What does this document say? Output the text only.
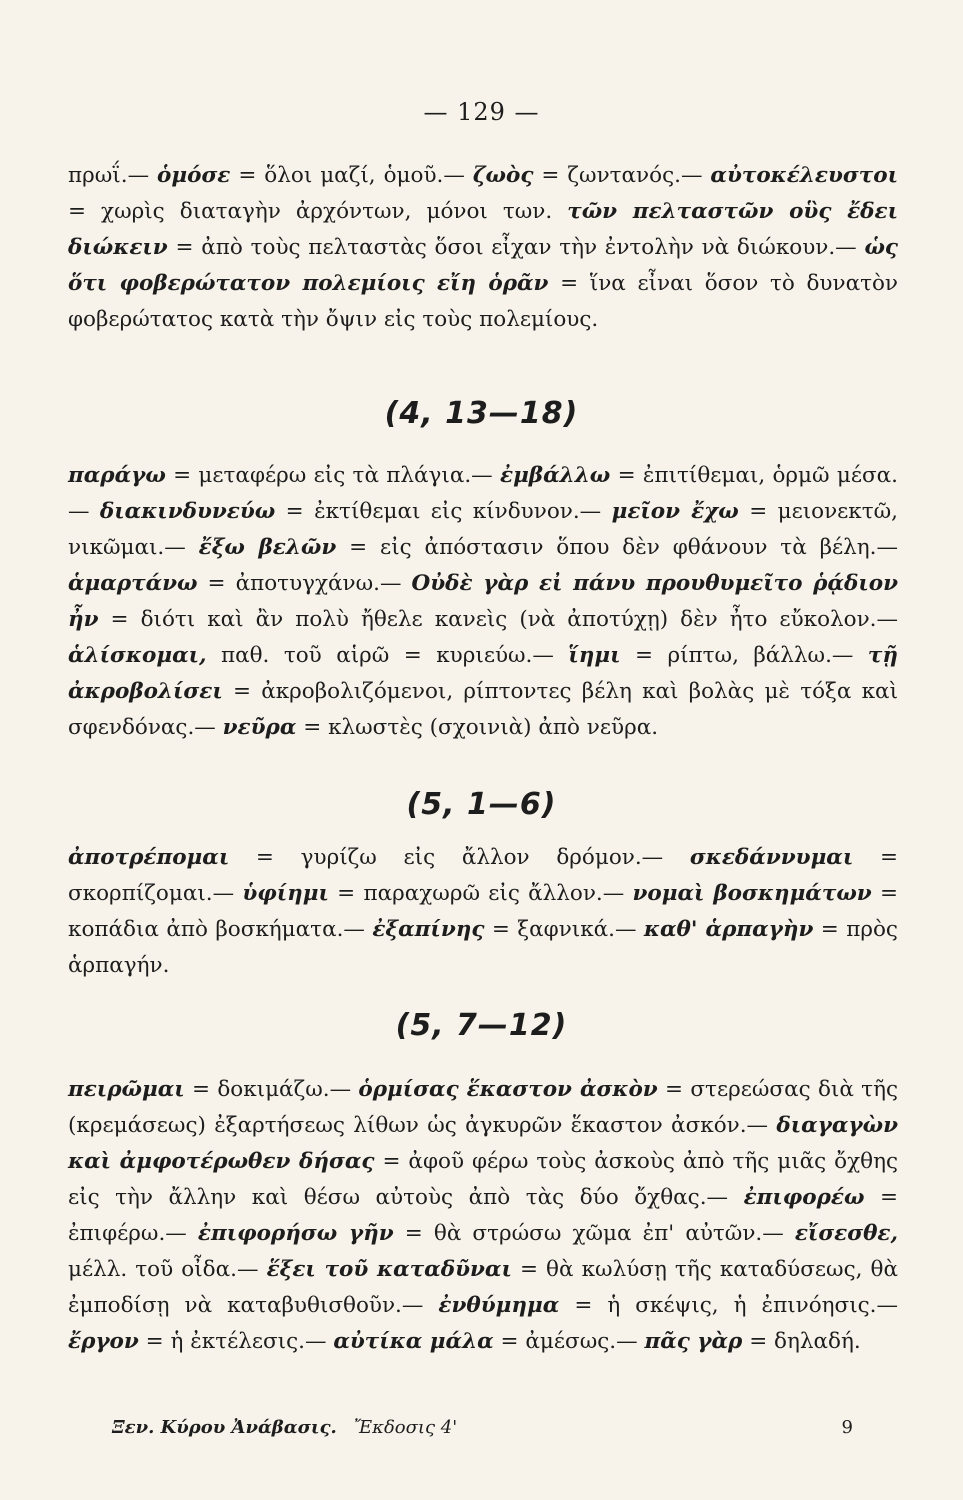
— 129 —
πρωΐ.— ὁμόσε = ὅλοι μαζί, ὁμοῦ.— ζωὸς = ζωντανός.— αὐτοκέλευστοι = χωρὶς διαταγὴν ἀρχόντων, μόνοι των. τῶν πελταστῶν οὓς ἔδει διώκειν = ἀπὸ τοὺς πελταστὰς ὅσοι εἶχαν τὴν ἐντολὴν νὰ διώκουν.— ὡς ὅτι φοβερώτατον πολεμίοις εἴη ὁρᾶν = ἵνα εἶναι ὅσον τὸ δυνατὸν φοβερώτατος κατὰ τὴν ὄψιν εἰς τοὺς πολεμίους.
(4, 13—18)
παράγω = μεταφέρω εἰς τὰ πλάγια.— ἐμβάλλω = ἐπιτίθεμαι, ὁρμῶ μέσα.— διακινδυνεύω = ἐκτίθεμαι εἰς κίνδυνον.— μεῖον ἔχω = μειονεκτῶ, νικῶμαι.— ἔξω βελῶν = εἰς ἀπόστασιν ὅπου δὲν φθάνουν τὰ βέλη.— ἁμαρτάνω = ἀποτυγχάνω.— Οὐδὲ γὰρ εἰ πάνυ προυθυμεῖτο ῥᾴδιον ἦν = διότι καὶ ἂν πολὺ ἤθελε κανεὶς (νὰ ἀποτύχῃ) δὲν ἦτο εὔκολον.— ἁλίσκομαι, παθ. τοῦ αἱρῶ = κυριεύω.— ἵημι = ρίπτω, βάλλω.— τῇ ἀκροβολίσει = ἀκροβολιζόμενοι, ρίπτοντες βέλη καὶ βολὰς μὲ τόξα καὶ σφενδόνας.— νεῦρα = κλωστὲς (σχοινιὰ) ἀπὸ νεῦρα.
(5, 1—6)
ἀποτρέπομαι = γυρίζω εἰς ἄλλον δρόμον.— σκεδάννυμαι = σκορπίζομαι.— ὑφίημι = παραχωρῶ εἰς ἄλλον.— νομαὶ βοσκημάτων = κοπάδια ἀπὸ βοσκήματα.— ἐξαπίνης = ξαφνικά.— καθ' ἁρπαγὴν = πρὸς ἁρπαγήν.
(5, 7—12)
πειρῶμαι = δοκιμάζω.— ὁρμίσας ἕκαστον ἀσκὸν = στερεώσας διὰ τῆς (κρεμάσεως) ἐξαρτήσεως λίθων ὡς ἀγκυρῶν ἕκαστον ἀσκόν.— διαγαγὼν καὶ ἀμφοτέρωθεν δήσας = ἀφοῦ φέρω τοὺς ἀσκοὺς ἀπὸ τῆς μιᾶς ὄχθης εἰς τὴν ἄλλην καὶ θέσω αὐτοὺς ἀπὸ τὰς δύο ὄχθας.— ἐπιφορέω = ἐπιφέρω.— ἐπιφορήσω γῆν = θὰ στρώσω χῶμα ἐπ' αὐτῶν.— εἴσεσθε, μέλλ. τοῦ οἶδα.— ἕξει τοῦ καταδῦναι = θὰ κωλύσῃ τῆς καταδύσεως, θὰ ἐμποδίσῃ νὰ καταβυθισθοῦν.— ἐνθύμημα = ἡ σκέψις, ἡ ἐπινόησις.— ἔργον = ἡ ἐκτέλεσις.— αὐτίκα μάλα = ἀμέσως.— πᾶς γὰρ = δηλαδή.
Ξεν. Κύρου Ἀνάβασις. Ἔκδοσις 4'	9
